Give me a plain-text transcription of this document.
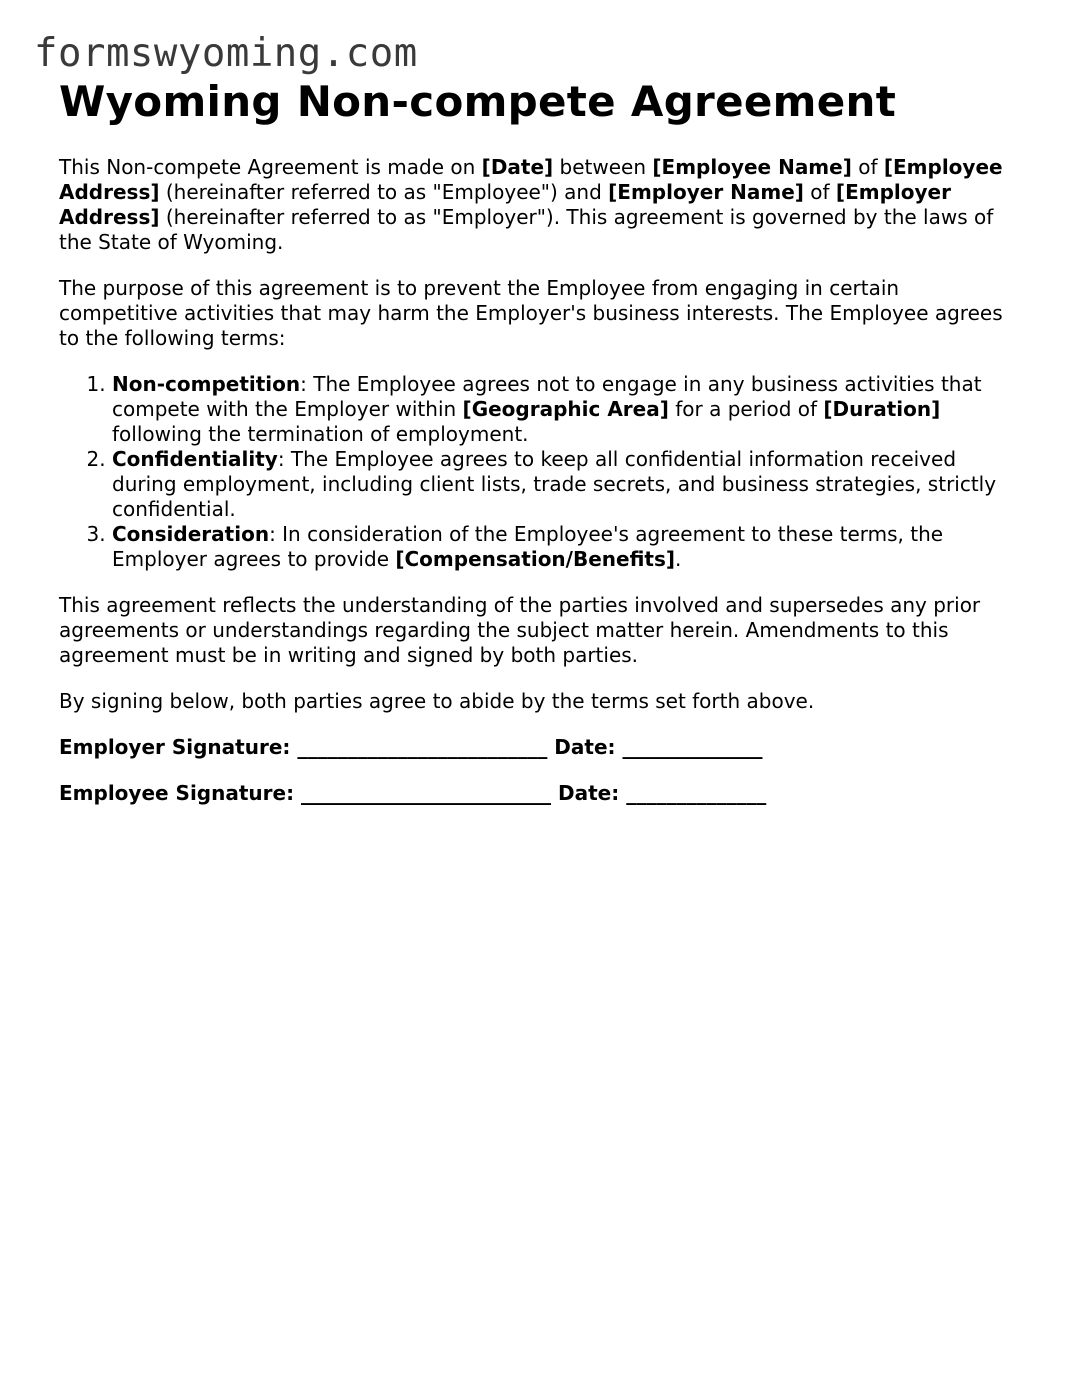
formswyoming.com
Wyoming Non-compete Agreement

This Non-compete Agreement is made on [Date] between [Employee Name] of [Employee Address] (hereinafter referred to as "Employee") and [Employer Name] of [Employer Address] (hereinafter referred to as "Employer"). This agreement is governed by the laws of the State of Wyoming.

The purpose of this agreement is to prevent the Employee from engaging in certain competitive activities that may harm the Employer's business interests. The Employee agrees to the following terms:

1. Non-competition: The Employee agrees not to engage in any business activities that compete with the Employer within [Geographic Area] for a period of [Duration] following the termination of employment.
2. Confidentiality: The Employee agrees to keep all confidential information received during employment, including client lists, trade secrets, and business strategies, strictly confidential.
3. Consideration: In consideration of the Employee's agreement to these terms, the Employer agrees to provide [Compensation/Benefits].

This agreement reflects the understanding of the parties involved and supersedes any prior agreements or understandings regarding the subject matter herein. Amendments to this agreement must be in writing and signed by both parties.

By signing below, both parties agree to abide by the terms set forth above.

Employer Signature: _________________________ Date: ______________
Employee Signature: _________________________ Date: ______________
